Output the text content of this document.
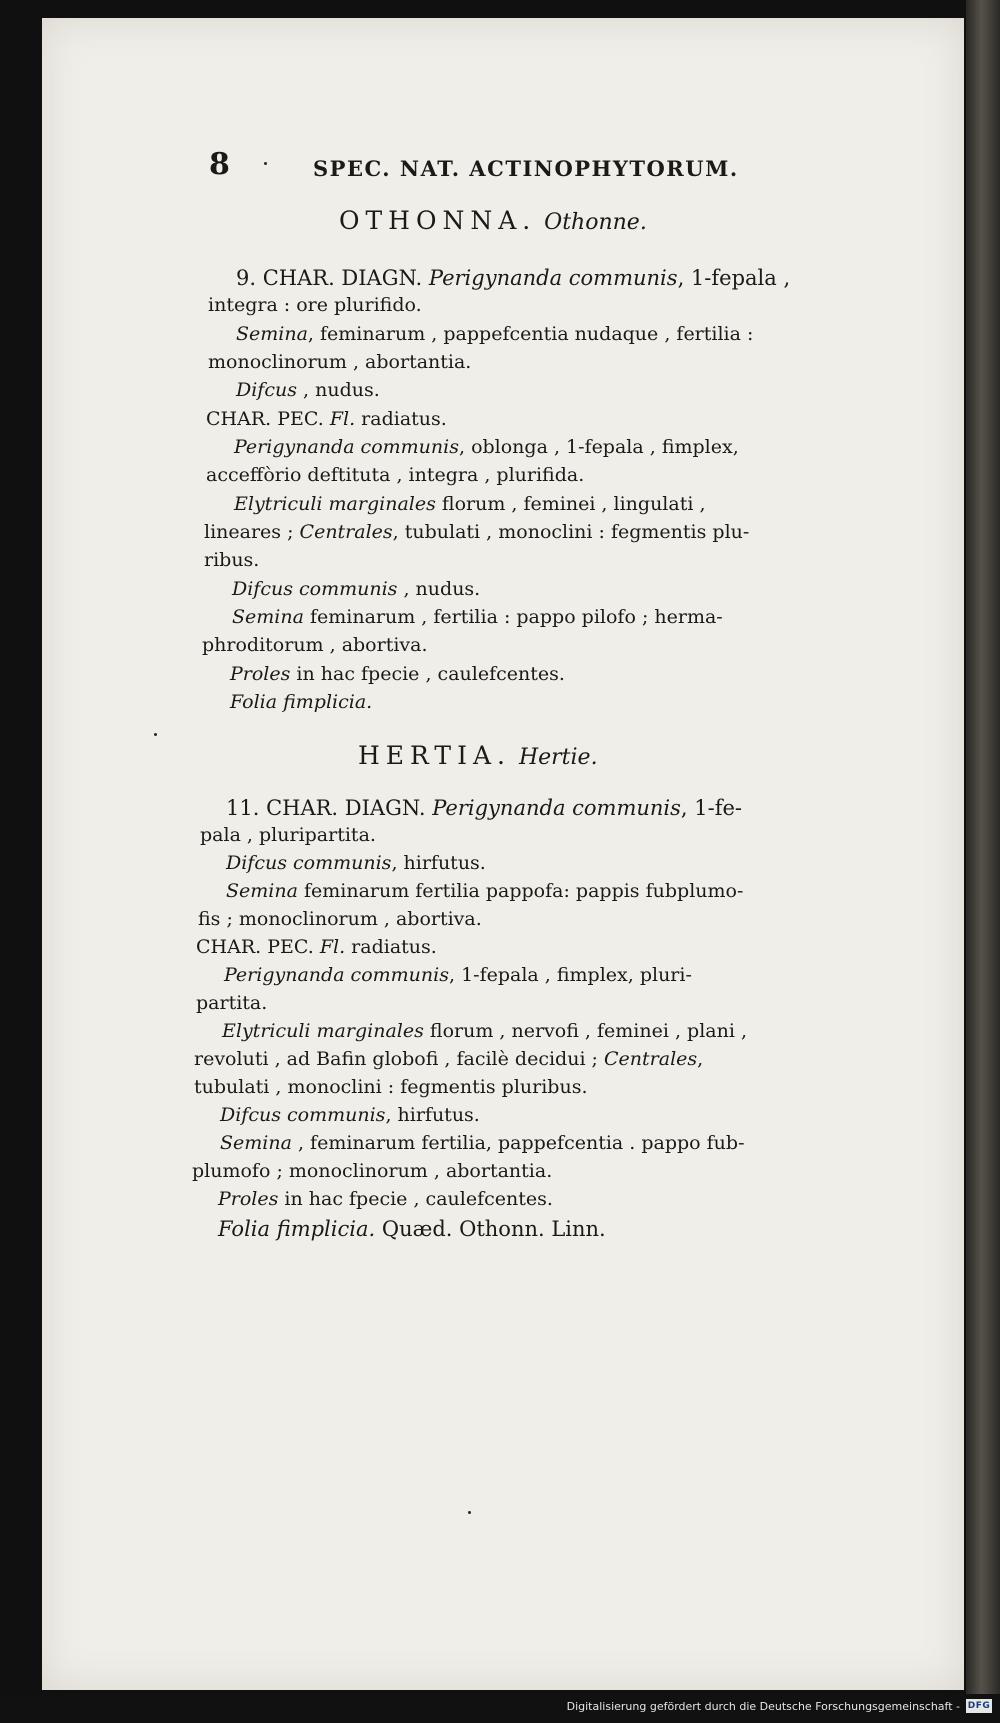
8	SPEC. NAT. ACTINOPHYTORUM.

OTHONNA. Othonne.

9. CHAR. DIAGN. Perigynanda communis, 1-fepala ,

integra : ore plurifido.

Semina, feminarum , pappefcentia nudaque , fertilia :

monoclinorum , abortantia.

Difcus , nudus.

CHAR. PEC. Fl. radiatus.

Perigynanda communis, oblonga , 1-fepala , fimplex,

acceffòrio deftituta , integra , plurifida.

Elytriculi marginales florum , feminei , lingulati ,

lineares ; Centrales, tubulati , monoclini : fegmentis plu-

ribus.

Difcus communis , nudus.

Semina feminarum , fertilia : pappo pilofo ; herma-

phroditorum , abortiva.

Proles in hac fpecie , caulefcentes.

Folia fimplicia.

HERTIA. Hertie.

11. CHAR. DIAGN. Perigynanda communis, 1-fe-

pala , pluripartita.

Difcus communis, hirfutus.

Semina feminarum fertilia pappofa: pappis fubplumo-

fis ; monoclinorum , abortiva.

CHAR. PEC. Fl. radiatus.

Perigynanda communis, 1-fepala , fimplex, pluri-

partita.

Elytriculi marginales florum , nervofi , feminei , plani ,

revoluti , ad Bafin globofi , facilè decidui ; Centrales,

tubulati , monoclini : fegmentis pluribus.

Difcus communis, hirfutus.

Semina , feminarum fertilia, pappefcentia . pappo fub-

plumofo ; monoclinorum , abortantia.

Proles in hac fpecie , caulefcentes.

Folia fimplicia. Quæd. Othonn. Linn.

Digitalisierung gefördert durch die Deutsche Forschungsgemeinschaft - DFG
